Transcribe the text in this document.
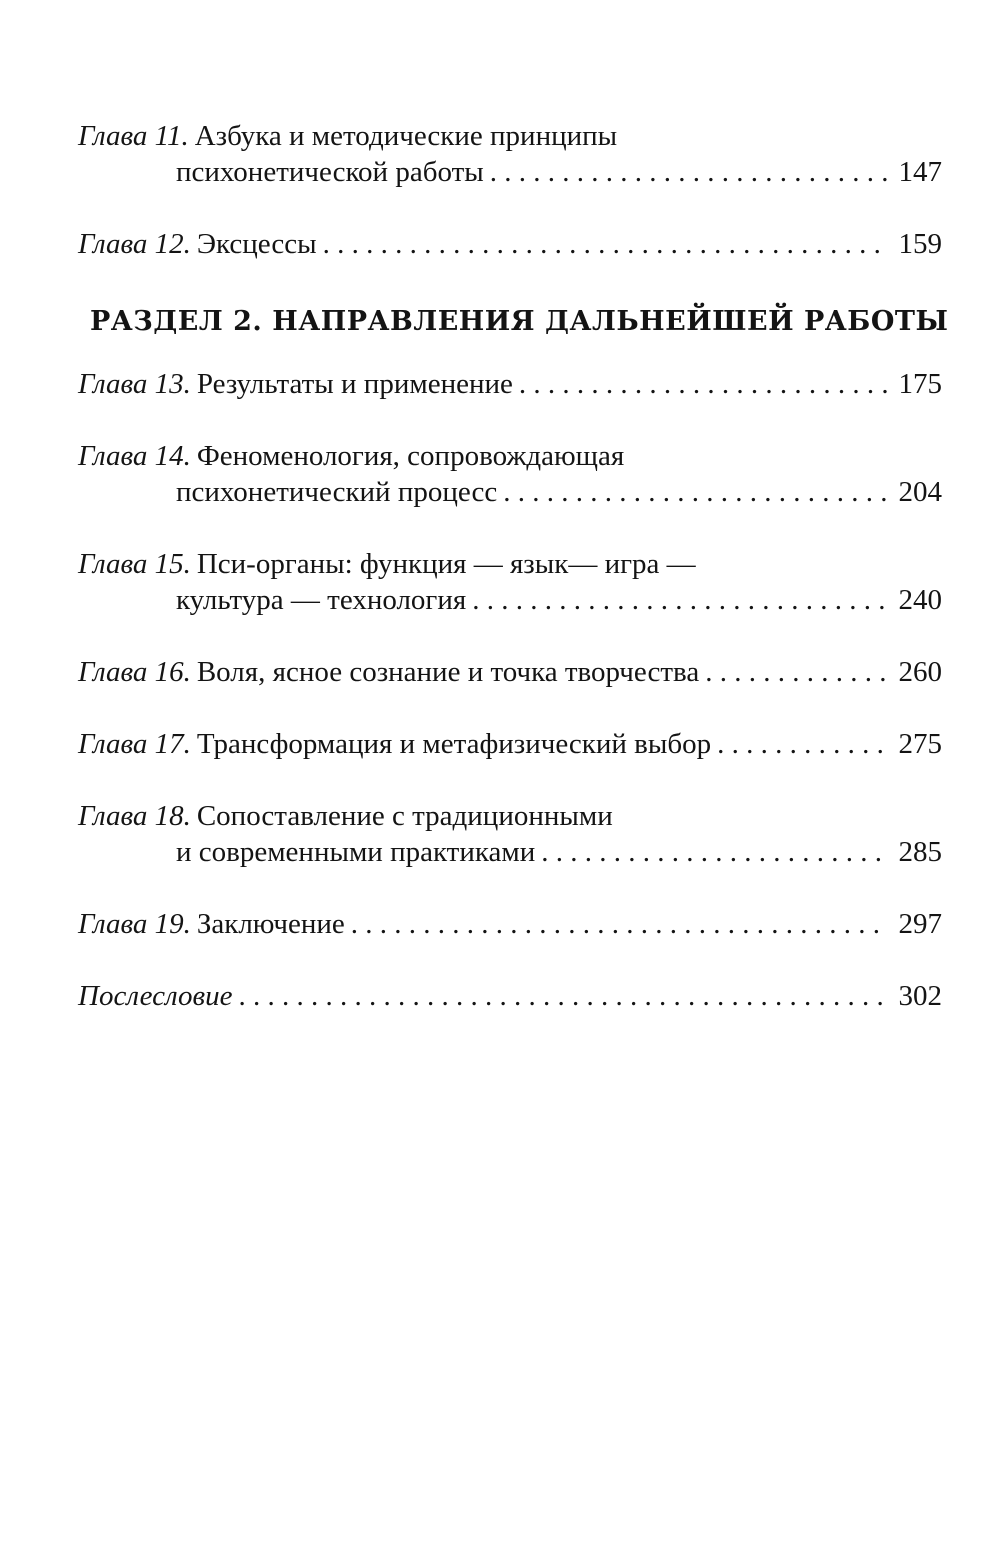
Глава 11. Азбука и методические принципы
психонетической работы . . .	147
Глава 12. Эксцессы . . .	159
РАЗДЕЛ 2. НАПРАВЛЕНИЯ ДАЛЬНЕЙШЕЙ РАБОТЫ
Глава 13. Результаты и применение . . .	175
Глава 14. Феноменология, сопровождающая
психонетический процесс . . .	204
Глава 15. Пси-органы: функция — язык— игра —
культура — технология . . .	240
Глава 16. Воля, ясное сознание и точка творчества . . .	260
Глава 17. Трансформация и метафизический выбор . . .	275
Глава 18. Сопоставление с традиционными
и современными практиками . . .	285
Глава 19. Заключение . . .	297
Послесловие . . .	302
